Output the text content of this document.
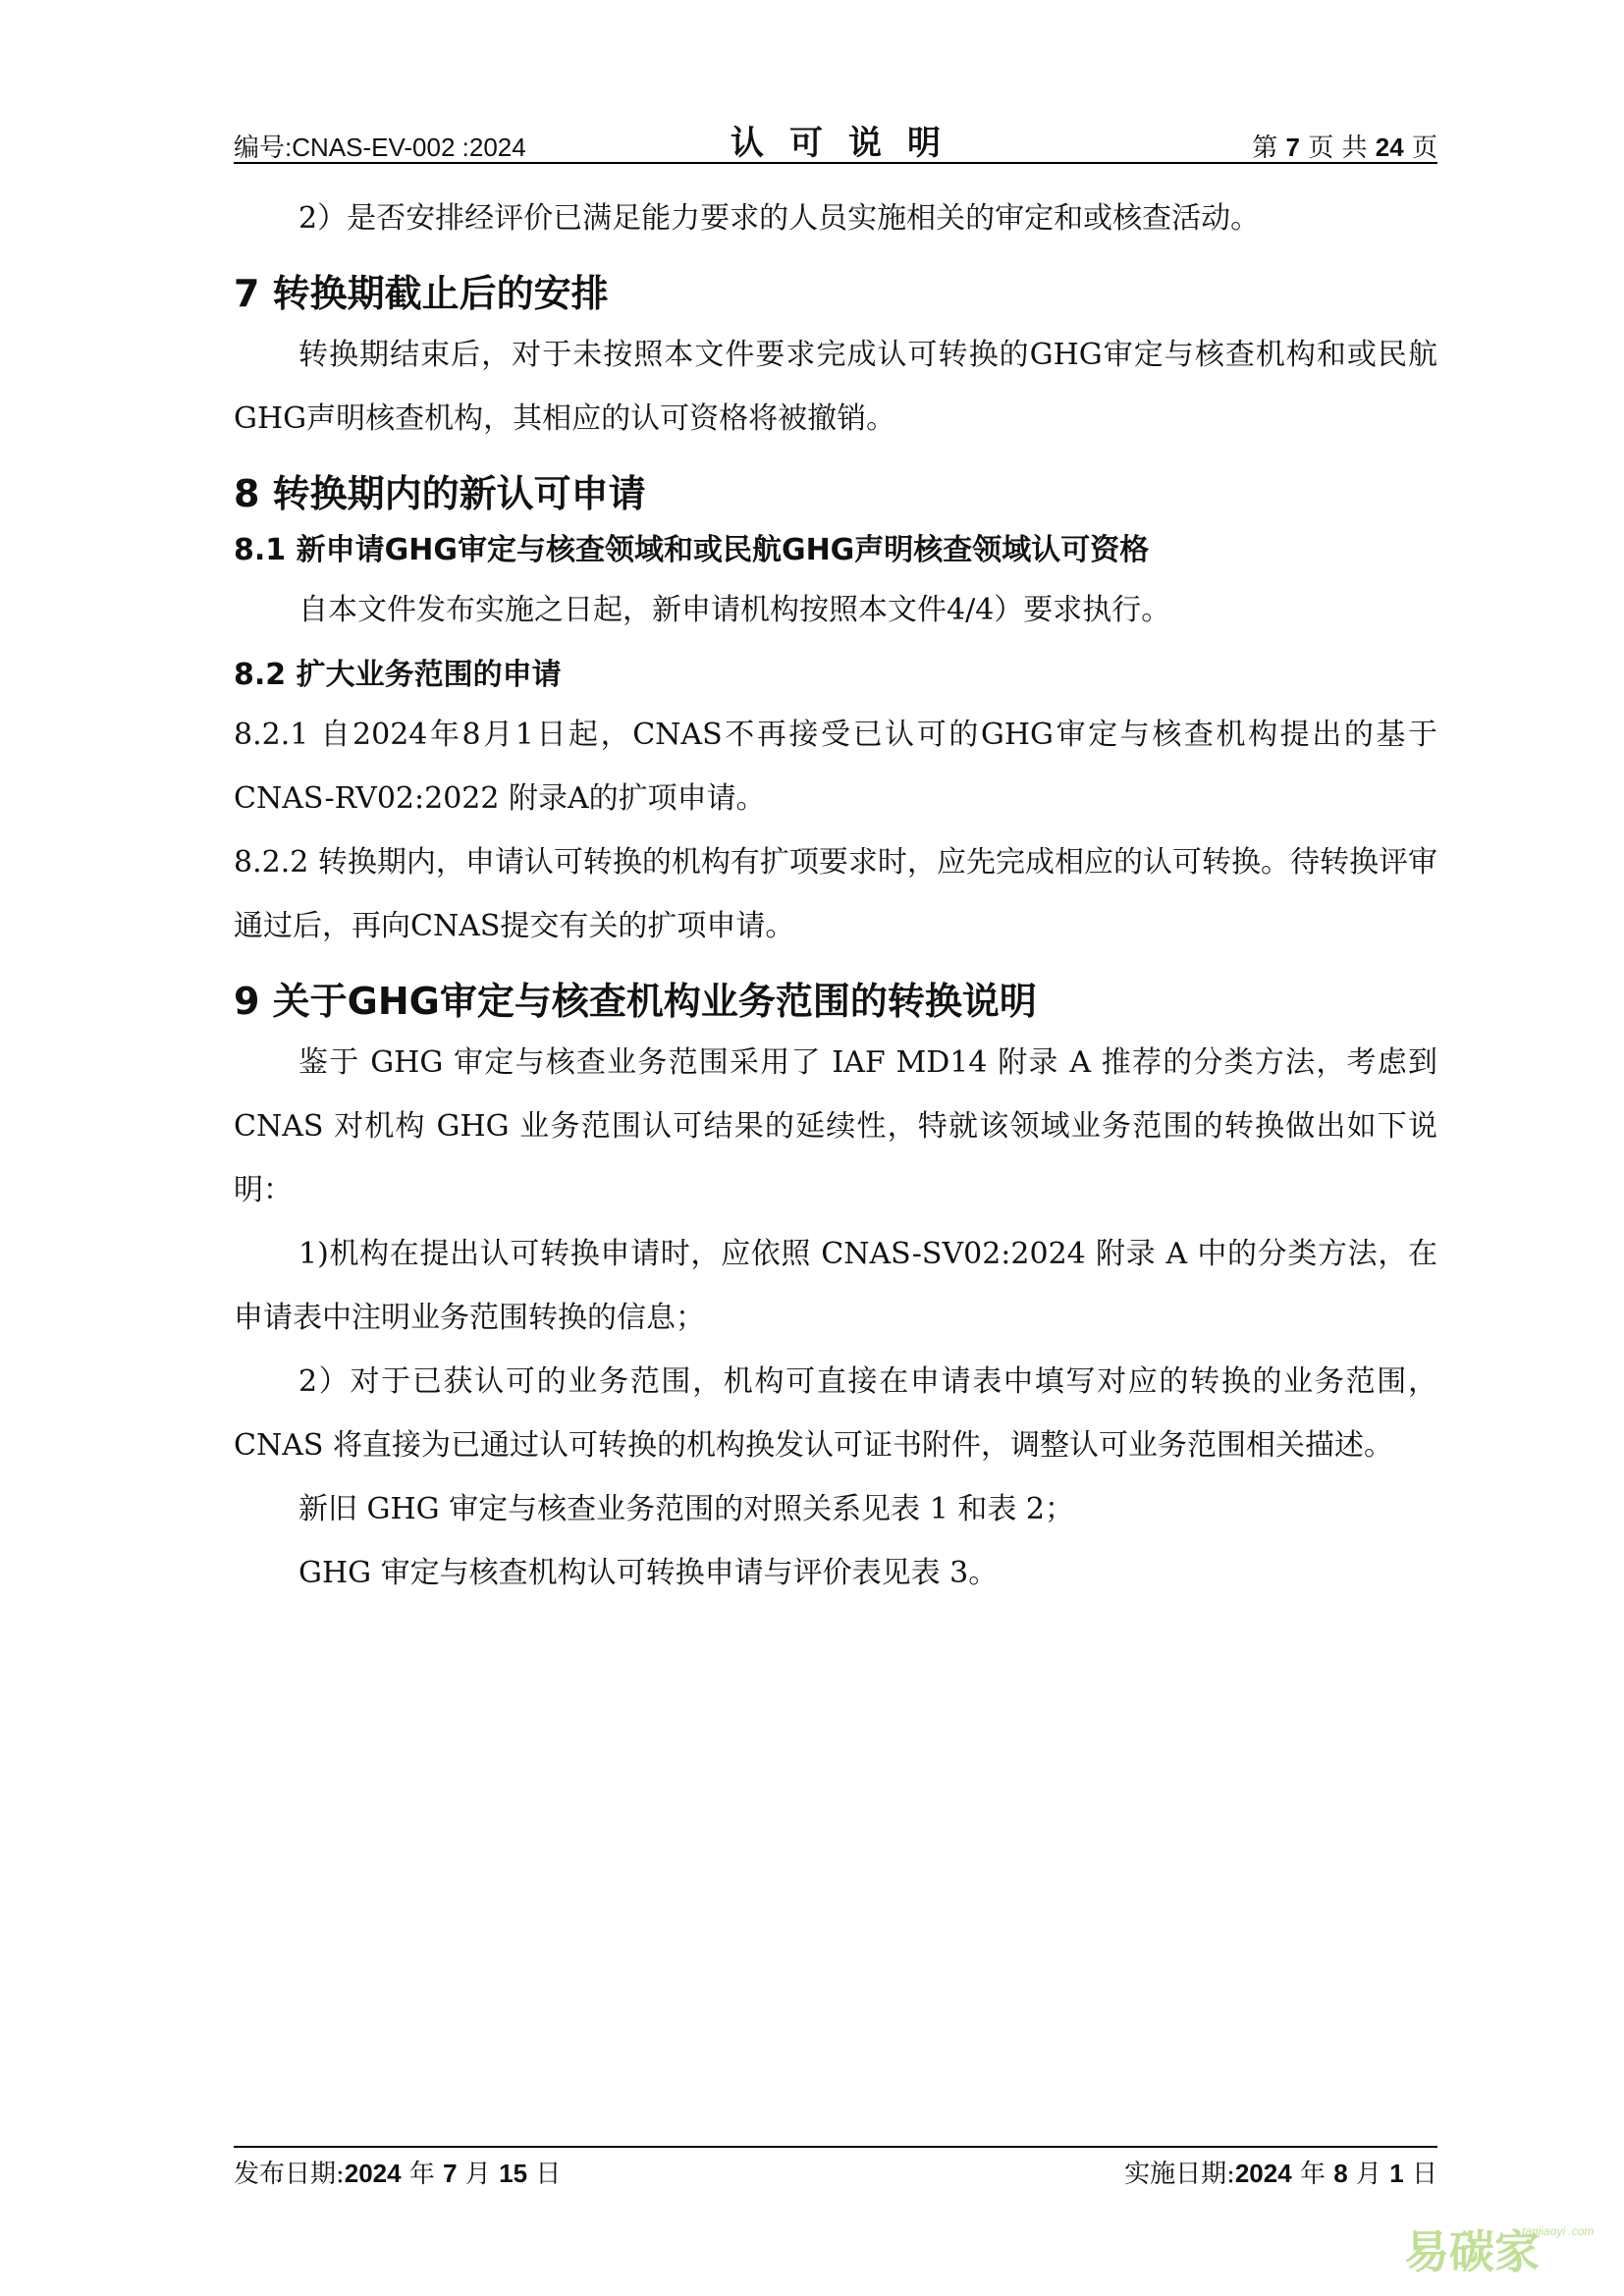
编号:CNAS-EV-002 :2024	认可说明	第 7 页 共 24 页

2）是否安排经评价已满足能力要求的人员实施相关的审定和或核查活动。

7 转换期截止后的安排

转换期结束后，对于未按照本文件要求完成认可转换的GHG审定与核查机构和或民航GHG声明核查机构，其相应的认可资格将被撤销。

8 转换期内的新认可申请
8.1 新申请GHG审定与核查领域和或民航GHG声明核查领域认可资格

自本文件发布实施之日起，新申请机构按照本文件4/4）要求执行。

8.2 扩大业务范围的申请

8.2.1 自2024年8月1日起，CNAS不再接受已认可的GHG审定与核查机构提出的基于CNAS-RV02:2022 附录A的扩项申请。

8.2.2 转换期内，申请认可转换的机构有扩项要求时，应先完成相应的认可转换。待转换评审通过后，再向CNAS提交有关的扩项申请。

9 关于GHG审定与核查机构业务范围的转换说明

鉴于 GHG 审定与核查业务范围采用了 IAF MD14 附录 A 推荐的分类方法，考虑到 CNAS 对机构 GHG 业务范围认可结果的延续性，特就该领域业务范围的转换做出如下说明：

1)机构在提出认可转换申请时，应依照 CNAS-SV02:2024 附录 A 中的分类方法，在申请表中注明业务范围转换的信息；

2）对于已获认可的业务范围，机构可直接在申请表中填写对应的转换的业务范围，CNAS 将直接为已通过认可转换的机构换发认可证书附件，调整认可业务范围相关描述。

新旧 GHG 审定与核查业务范围的对照关系见表 1 和表 2；

GHG 审定与核查机构认可转换申请与评价表见表 3。

发布日期:2024 年 7 月 15 日	实施日期:2024 年 8 月 1 日
易碳家
tanjiaoyi .com
